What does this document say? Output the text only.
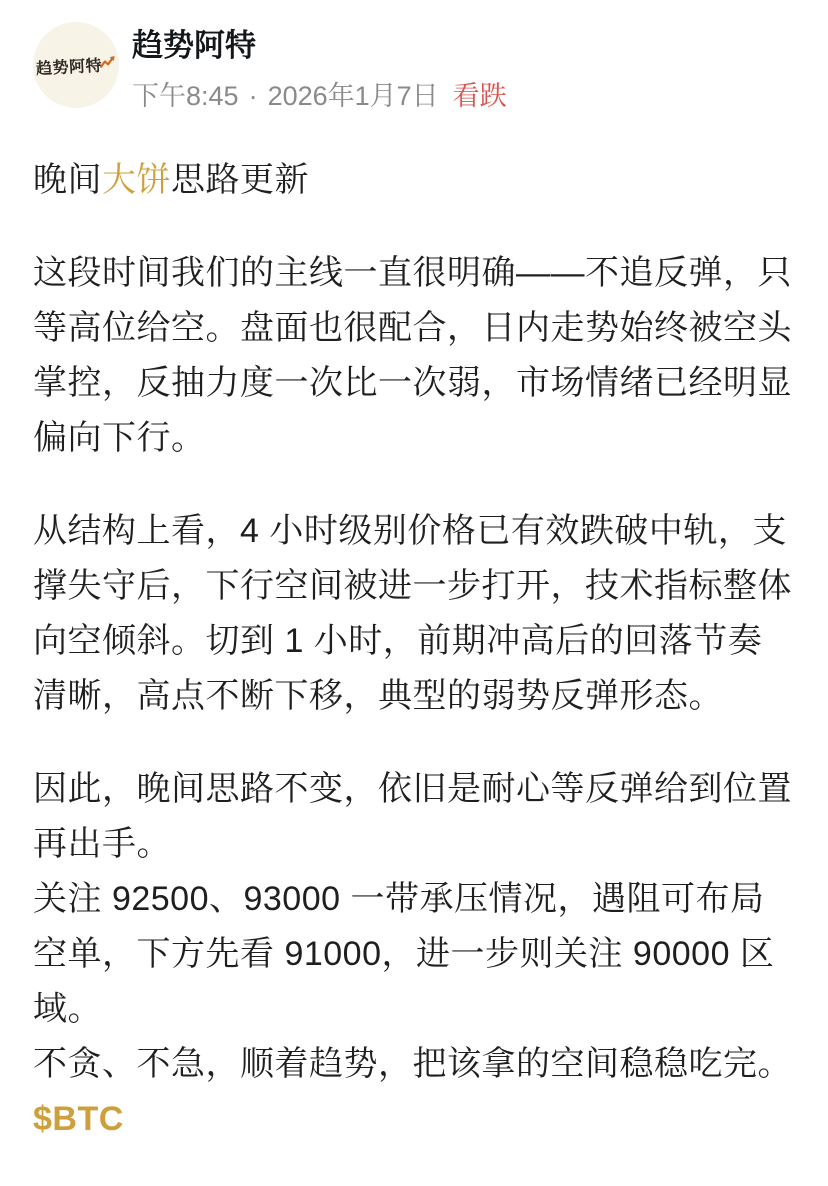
趋势阿特
趋势阿特
下午8:45 · 2026年1月7日 看跌

晚间大饼思路更新

这段时间我们的主线一直很明确——不追反弹，只等高位给空。盘面也很配合，日内走势始终被空头掌控，反抽力度一次比一次弱，市场情绪已经明显偏向下行。

从结构上看，4 小时级别价格已有效跌破中轨，支撑失守后，下行空间被进一步打开，技术指标整体向空倾斜。切到 1 小时，前期冲高后的回落节奏清晰，高点不断下移，典型的弱势反弹形态。

因此，晚间思路不变，依旧是耐心等反弹给到位置再出手。
关注 92500、93000 一带承压情况，遇阻可布局空单，下方先看 91000，进一步则关注 90000 区域。
不贪、不急，顺着趋势，把该拿的空间稳稳吃完。$BTC
